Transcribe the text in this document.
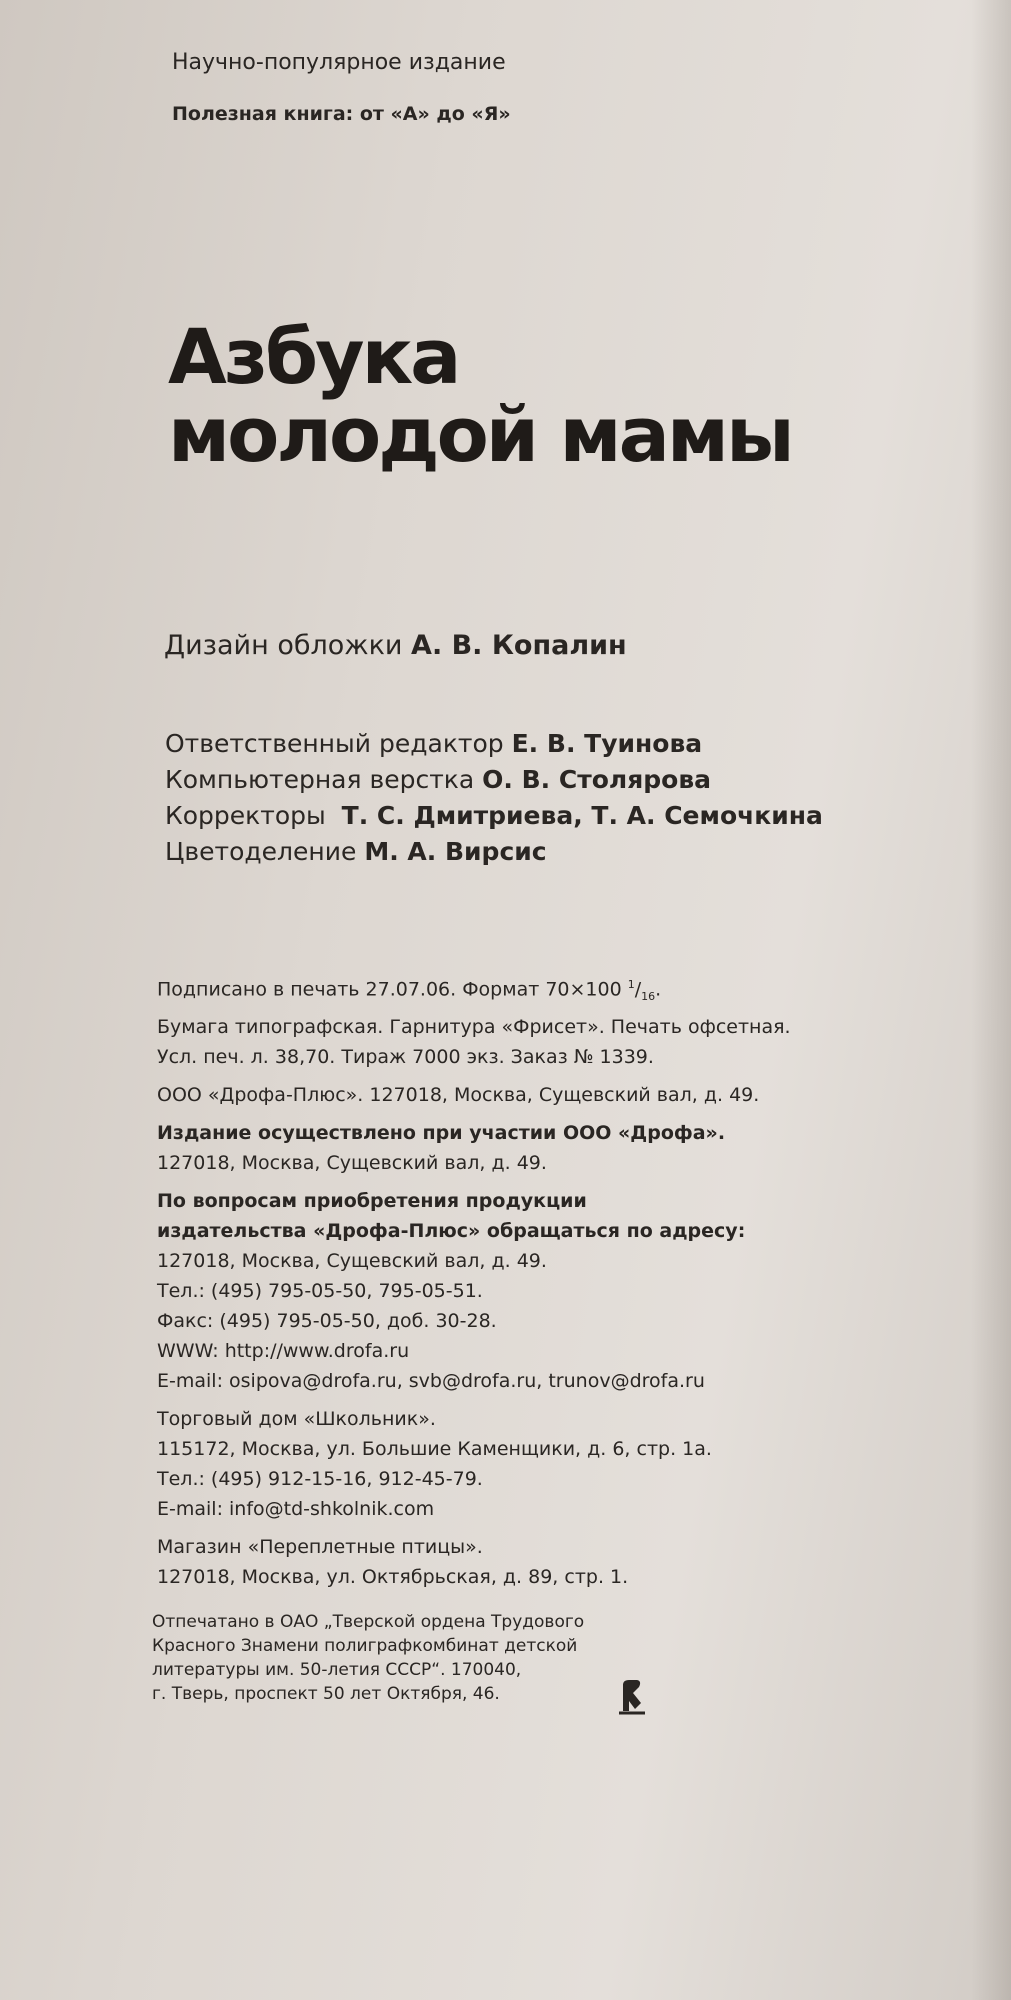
Научно-популярное издание
Полезная книга: от «А» до «Я»
Азбука
молодой мамы
Дизайн обложки А. В. Копалин
Ответственный редактор Е. В. Туинова
Компьютерная верстка О. В. Столярова
Корректоры Т. С. Дмитриева, Т. А. Семочкина
Цветоделение М. А. Вирсис

Подписано в печать 27.07.06. Формат 70×100 $^1/_{16}$.
Бумага типографская. Гарнитура «Фрисет». Печать офсетная.
Усл. печ. л. 38,70. Тираж 7000 экз. Заказ № 1339.

ООО «Дрофа-Плюс». 127018, Москва, Сущевский вал, д. 49.

Издание осуществлено при участии ООО «Дрофа».
127018, Москва, Сущевский вал, д. 49.

По вопросам приобретения продукции
издательства «Дрофа-Плюс» обращаться по адресу:
127018, Москва, Сущевский вал, д. 49.
Тел.: (495) 795-05-50, 795-05-51.
Факс: (495) 795-05-50, доб. 30-28.
WWW: http://www.drofa.ru
E-mail: osipova@drofa.ru, svb@drofa.ru, trunov@drofa.ru

Торговый дом «Школьник».
115172, Москва, ул. Большие Каменщики, д. 6, стр. 1а.
Тел.: (495) 912-15-16, 912-45-79.
E-mail: info@td-shkolnik.com

Магазин «Переплетные птицы».
127018, Москва, ул. Октябрьская, д. 89, стр. 1.

Отпечатано в ОАО „Тверской ордена Трудового
Красного Знамени полиграфкомбинат детской
литературы им. 50-летия СССР“. 170040,
г. Тверь, проспект 50 лет Октября, 46.
